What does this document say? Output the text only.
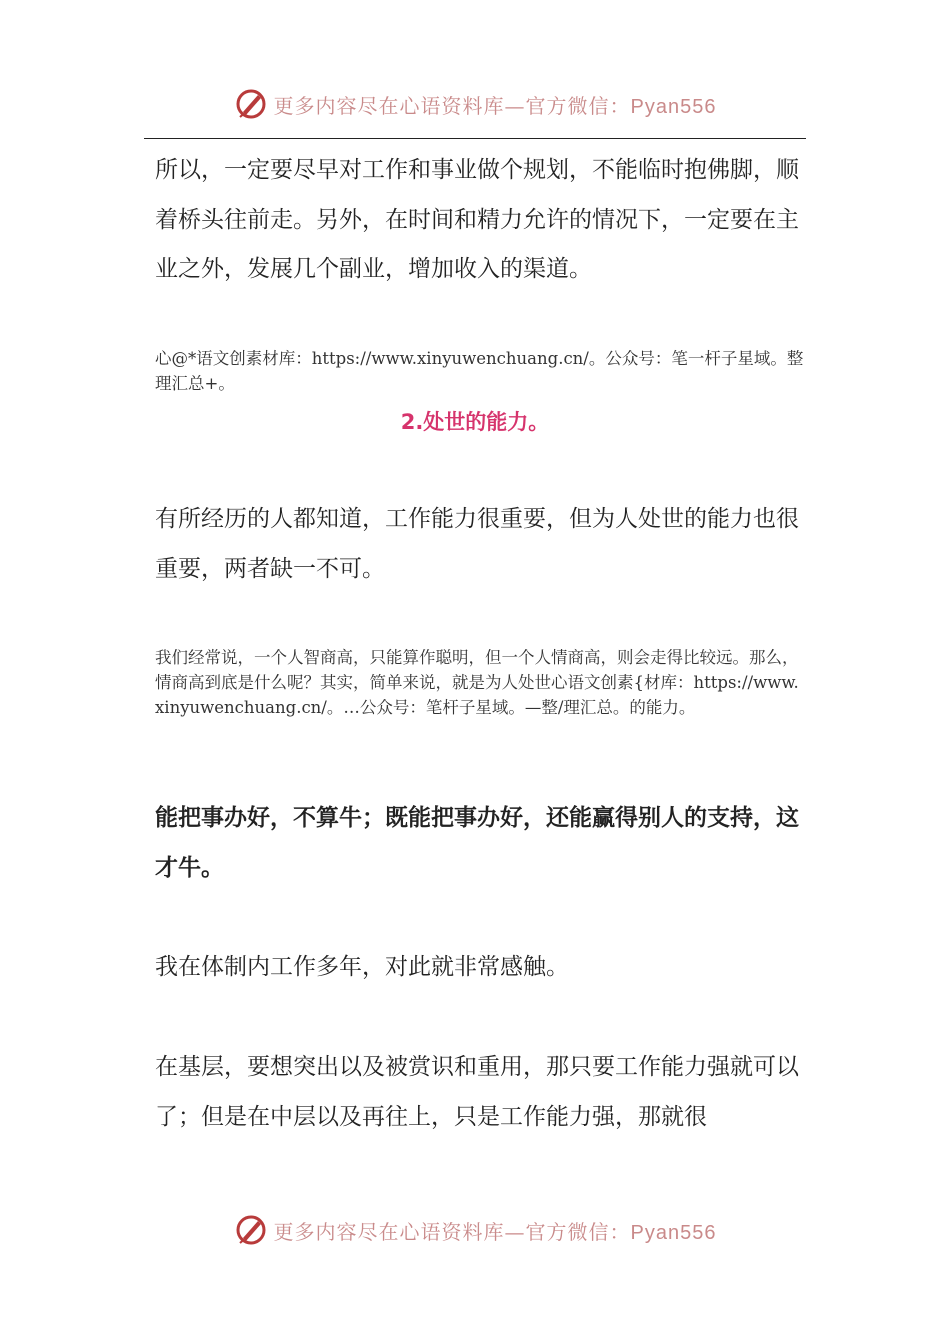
更多内容尽在心语资料库—官方微信：Pyan556

所以，一定要尽早对工作和事业做个规划，不能临时抱佛脚，顺着桥头往前走。另外，在时间和精力允许的情况下，一定要在主业之外，发展几个副业，增加收入的渠道。

心@*语文创素材库：https://www.xinyuwenchuang.cn/。公众号：笔一杆子星域。整理汇总+。

2.处世的能力。

有所经历的人都知道，工作能力很重要，但为人处世的能力也很重要，两者缺一不可。

我们经常说，一个人智商高，只能算作聪明，但一个人情商高，则会走得比较远。那么，情商高到底是什么呢？其实，简单来说，就是为人处世心语文创素{材库：https://www.xinyuwenchuang.cn/。…公众号：笔杆子星域。—整/理汇总。的能力。

能把事办好，不算牛；既能把事办好，还能赢得别人的支持，这才牛。

我在体制内工作多年，对此就非常感触。

在基层，要想突出以及被赏识和重用，那只要工作能力强就可以了；但是在中层以及再往上，只是工作能力强，那就很

更多内容尽在心语资料库—官方微信：Pyan556
